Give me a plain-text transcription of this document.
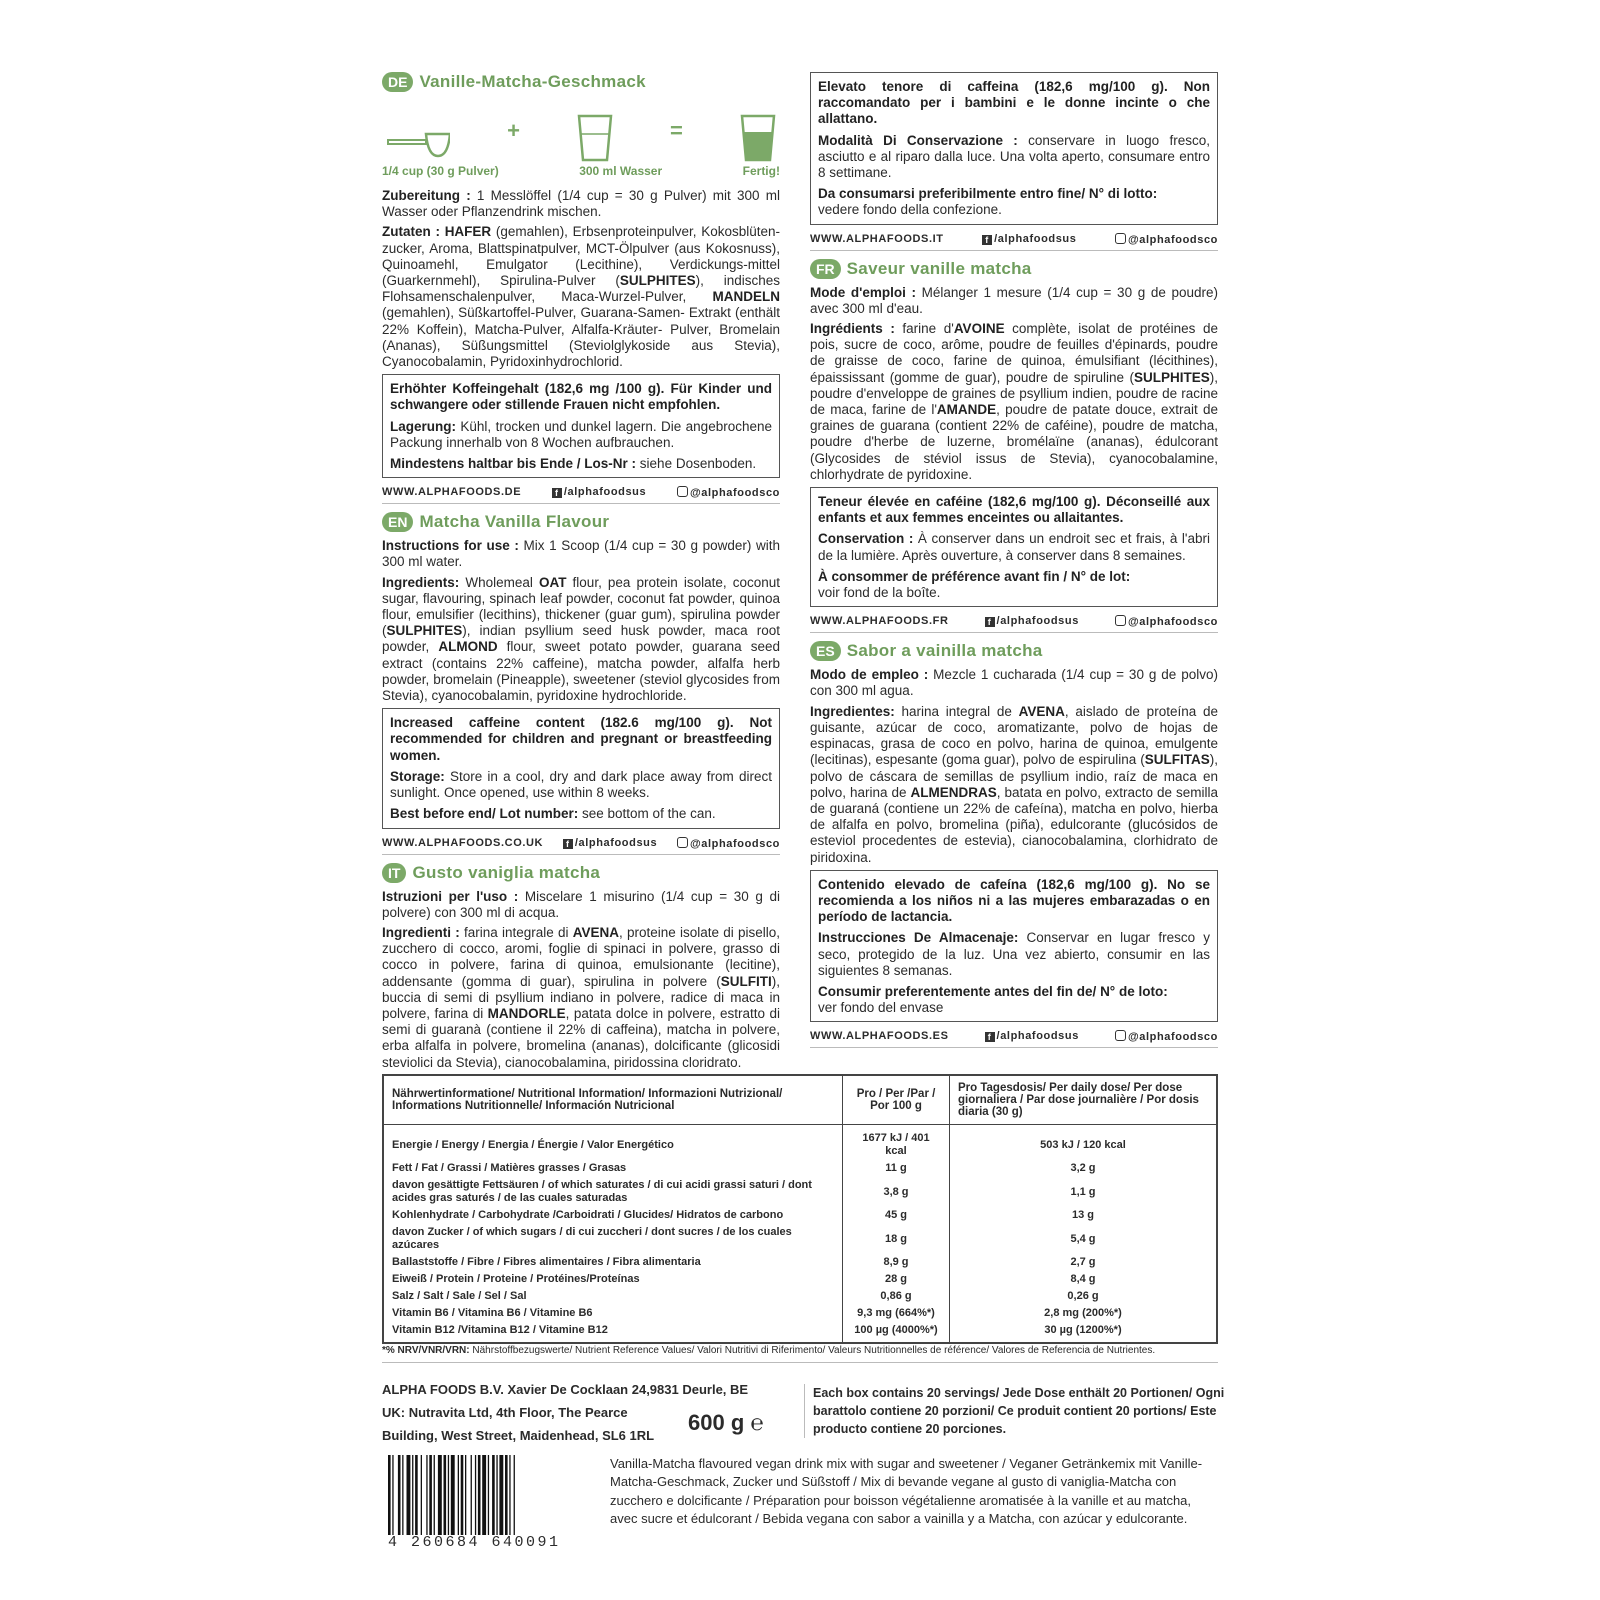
DE Vanille-Matcha-Geschmack
+	=
1/4 cup (30 g Pulver)	300 ml Wasser	Fertig!

Zubereitung : 1 Messlöffel (1/4 cup = 30 g Pulver) mit 300 ml Wasser oder Pflanzendrink mischen.

Zutaten : HAFER (gemahlen), Erbsenproteinpulver, Kokosblüten-zucker, Aroma, Blattspinatpulver, MCT-Ölpulver (aus Kokosnuss), Quinoamehl, Emulgator (Lecithine), Verdickungs-mittel (Guarkernmehl), Spirulina-Pulver (SULPHITES), indisches Flohsamenschalenpulver, Maca-Wurzel-Pulver, MANDELN (gemahlen), Süßkartoffel-Pulver, Guarana-Samen- Extrakt (enthält 22% Koffein), Matcha-Pulver, Alfalfa-Kräuter- Pulver, Bromelain (Ananas), Süßungsmittel (Steviolglykoside aus Stevia), Cyanocobalamin, Pyridoxinhydrochlorid.

Erhöhter Koffeingehalt (182,6 mg /100 g). Für Kinder und schwangere oder stillende Frauen nicht empfohlen.

Lagerung: Kühl, trocken und dunkel lagern. Die angebrochene Packung innerhalb von 8 Wochen aufbrauchen.

Mindestens haltbar bis Ende / Los-Nr : siehe Dosenboden.

WWW.ALPHAFOODS.DE	f /alphafoodsus	@alphafoodsco
EN Matcha Vanilla Flavour

Instructions for use : Mix 1 Scoop (1/4 cup = 30 g powder) with 300 ml water.

Ingredients: Wholemeal OAT flour, pea protein isolate, coconut sugar, flavouring, spinach leaf powder, coconut fat powder, quinoa flour, emulsifier (lecithins), thickener (guar gum), spirulina powder (SULPHITES), indian psyllium seed husk powder, maca root powder, ALMOND flour, sweet potato powder, guarana seed extract (contains 22% caffeine), matcha powder, alfalfa herb powder, bromelain (Pineapple), sweetener (steviol glycosides from Stevia), cyanocobalamin, pyridoxine hydrochloride.

Increased caffeine content (182.6 mg/100 g). Not recommended for children and pregnant or breastfeeding women.

Storage: Store in a cool, dry and dark place away from direct sunlight. Once opened, use within 8 weeks.

Best before end/ Lot number: see bottom of the can.

WWW.ALPHAFOODS.CO.UK	f /alphafoodsus	@alphafoodsco
IT Gusto vaniglia matcha

Istruzioni per l'uso : Miscelare 1 misurino (1/4 cup = 30 g di polvere) con 300 ml di acqua.

Ingredienti : farina integrale di AVENA, proteine isolate di pisello, zucchero di cocco, aromi, foglie di spinaci in polvere, grasso di cocco in polvere, farina di quinoa, emulsionante (lecitine), addensante (gomma di guar), spirulina in polvere (SULFITI), buccia di semi di psyllium indiano in polvere, radice di maca in polvere, farina di MANDORLE, patata dolce in polvere, estratto di semi di guaranà (contiene il 22% di caffeina), matcha in polvere, erba alfalfa in polvere, bromelina (ananas), dolcificante (glicosidi steviolici da Stevia), cianocobalamina, piridossina cloridrato.

Elevato tenore di caffeina (182,6 mg/100 g). Non raccomandato per i bambini e le donne incinte o che allattano.

Modalità Di Conservazione : conservare in luogo fresco, asciutto e al riparo dalla luce. Una volta aperto, consumare entro 8 settimane.

Da consumarsi preferibilmente entro fine/ N° di lotto:
vedere fondo della confezione.

WWW.ALPHAFOODS.IT	f /alphafoodsus	@alphafoodsco
FR Saveur vanille matcha

Mode d'emploi : Mélanger 1 mesure (1/4 cup = 30 g de poudre) avec 300 ml d'eau.

Ingrédients : farine d'AVOINE complète, isolat de protéines de pois, sucre de coco, arôme, poudre de feuilles d'épinards, poudre de graisse de coco, farine de quinoa, émulsifiant (lécithines), épaississant (gomme de guar), poudre de spiruline (SULPHITES), poudre d'enveloppe de graines de psyllium indien, poudre de racine de maca, farine de l'AMANDE, poudre de patate douce, extrait de graines de guarana (contient 22% de caféine), poudre de matcha, poudre d'herbe de luzerne, bromélaïne (ananas), édulcorant (Glycosides de stéviol issus de Stevia), cyanocobalamine, chlorhydrate de pyridoxine.

Teneur élevée en caféine (182,6 mg/100 g). Déconseillé aux enfants et aux femmes enceintes ou allaitantes.

Conservation : À conserver dans un endroit sec et frais, à l'abri de la lumière. Après ouverture, à conserver dans 8 semaines.

À consommer de préférence avant fin / N° de lot:
voir fond de la boîte.

WWW.ALPHAFOODS.FR	f /alphafoodsus	@alphafoodsco
ES Sabor a vainilla matcha

Modo de empleo : Mezcle 1 cucharada (1/4 cup = 30 g de polvo) con 300 ml agua.

Ingredientes: harina integral de AVENA, aislado de proteína de guisante, azúcar de coco, aromatizante, polvo de hojas de espinacas, grasa de coco en polvo, harina de quinoa, emulgente (lecitinas), espesante (goma guar), polvo de espirulina (SULFITAS), polvo de cáscara de semillas de psyllium indio, raíz de maca en polvo, harina de ALMENDRAS, batata en polvo, extracto de semilla de guaraná (contiene un 22% de cafeína), matcha en polvo, hierba de alfalfa en polvo, bromelina (piña), edulcorante (glucósidos de esteviol procedentes de estevia), cianocobalamina, clorhidrato de piridoxina.

Contenido elevado de cafeína (182,6 mg/100 g). No se recomienda a los niños ni a las mujeres embarazadas o en período de lactancia.

Instrucciones De Almacenaje: Conservar en lugar fresco y seco, protegido de la luz. Una vez abierto, consumir en las siguientes 8 semanas.

Consumir preferentemente antes del fin de/ N° de loto:
ver fondo del envase

WWW.ALPHAFOODS.ES	f /alphafoodsus	@alphafoodsco
Nährwertinformatione/ Nutritional Information/ Informazioni Nutrizional/ Informations Nutritionnelle/ Información Nutricional	Pro / Per /Par / Por 100 g	Pro Tagesdosis/ Per daily dose/ Per dose giornaliera / Par dose journalière / Por dosis diaria (30 g)
Energie / Energy / Energia / Énergie / Valor Energético	1677 kJ / 401 kcal	503 kJ / 120 kcal
Fett / Fat / Grassi / Matières grasses / Grasas	11 g	3,2 g
davon gesättigte Fettsäuren / of which saturates / di cui acidi grassi saturi / dont acides gras saturés / de las cuales saturadas	3,8 g	1,1 g
Kohlenhydrate / Carbohydrate /Carboidrati / Glucides/ Hidratos de carbono	45 g	13 g
davon Zucker / of which sugars / di cui zuccheri / dont sucres / de los cuales azúcares	18 g	5,4 g
Ballaststoffe / Fibre / Fibres alimentaires / Fibra alimentaria	8,9 g	2,7 g
Eiweiß / Protein / Proteine / Protéines/Proteínas	28 g	8,4 g
Salz / Salt / Sale / Sel / Sal	0,86 g	0,26 g
Vitamin B6 / Vitamina B6 / Vitamine B6	9,3 mg (664%*)	2,8 mg (200%*)
Vitamin B12 /Vitamina B12 / Vitamine B12	100 µg (4000%*)	30 µg (1200%*)
*% NRV/VNR/VRN: Nährstoffbezugswerte/ Nutrient Reference Values/ Valori Nutritivi di Riferimento/ Valeurs Nutritionnelles de référence/ Valores de Referencia de Nutrientes.
ALPHA FOODS B.V. Xavier De Cocklaan 24,9831 Deurle, BE
UK: Nutravita Ltd, 4th Floor, The Pearce Building, West Street, Maidenhead, SL6 1RL
600 g ℮
Each box contains 20 servings/ Jede Dose enthält 20 Portionen/ Ogni barattolo contiene 20 porzioni/ Ce produit contient 20 portions/ Este producto contiene 20 porciones.
4 260684 640091
Vanilla-Matcha flavoured vegan drink mix with sugar and sweetener / Veganer Getränkemix mit Vanille-Matcha-Geschmack, Zucker und Süßstoff / Mix di bevande vegane al gusto di vaniglia-Matcha con zucchero e dolcificante / Préparation pour boisson végétalienne aromatisée à la vanille et au matcha, avec sucre et édulcorant / Bebida vegana con sabor a vainilla y a Matcha, con azúcar y edulcorante.
